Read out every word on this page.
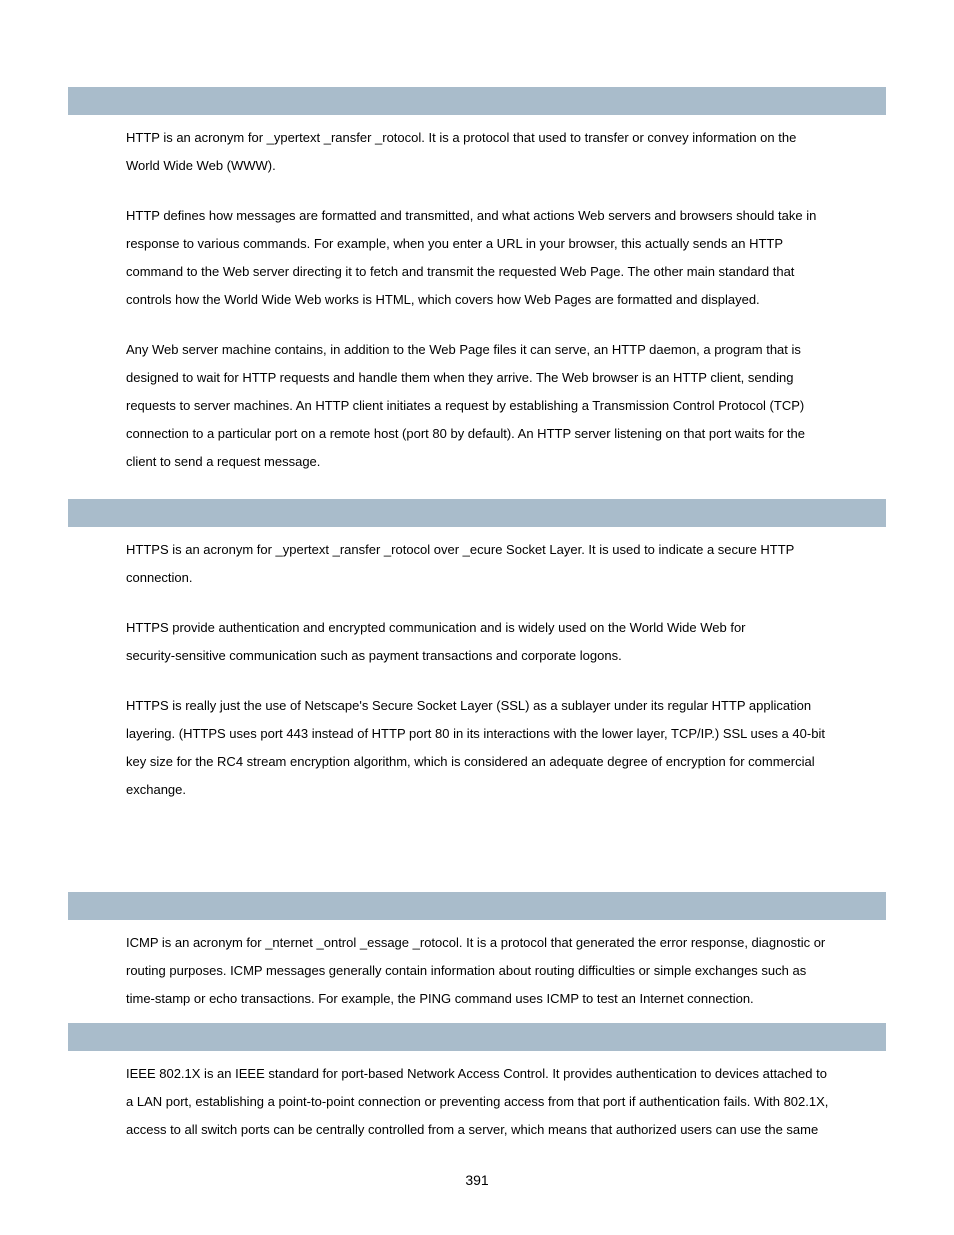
HTTP is an acronym for _ypertext _ransfer _rotocol. It is a protocol that used to transfer or convey information on the
World Wide Web (WWW).

HTTP defines how messages are formatted and transmitted, and what actions Web servers and browsers should take in
response to various commands. For example, when you enter a URL in your browser, this actually sends an HTTP
command to the Web server directing it to fetch and transmit the requested Web Page. The other main standard that
controls how the World Wide Web works is HTML, which covers how Web Pages are formatted and displayed.

Any Web server machine contains, in addition to the Web Page files it can serve, an HTTP daemon, a program that is
designed to wait for HTTP requests and handle them when they arrive. The Web browser is an HTTP client, sending
requests to server machines. An HTTP client initiates a request by establishing a Transmission Control Protocol (TCP)
connection to a particular port on a remote host (port 80 by default). An HTTP server listening on that port waits for the
client to send a request message.

HTTPS is an acronym for _ypertext _ransfer _rotocol over _ecure Socket Layer. It is used to indicate a secure HTTP
connection.

HTTPS provide authentication and encrypted communication and is widely used on the World Wide Web for
security-sensitive communication such as payment transactions and corporate logons.

HTTPS is really just the use of Netscape's Secure Socket Layer (SSL) as a sublayer under its regular HTTP application
layering. (HTTPS uses port 443 instead of HTTP port 80 in its interactions with the lower layer, TCP/IP.) SSL uses a 40-bit
key size for the RC4 stream encryption algorithm, which is considered an adequate degree of encryption for commercial
exchange.

ICMP is an acronym for _nternet _ontrol _essage _rotocol. It is a protocol that generated the error response, diagnostic or
routing purposes. ICMP messages generally contain information about routing difficulties or simple exchanges such as
time-stamp or echo transactions. For example, the PING command uses ICMP to test an Internet connection.

IEEE 802.1X is an IEEE standard for port-based Network Access Control. It provides authentication to devices attached to
a LAN port, establishing a point-to-point connection or preventing access from that port if authentication fails. With 802.1X,
access to all switch ports can be centrally controlled from a server, which means that authorized users can use the same

391
